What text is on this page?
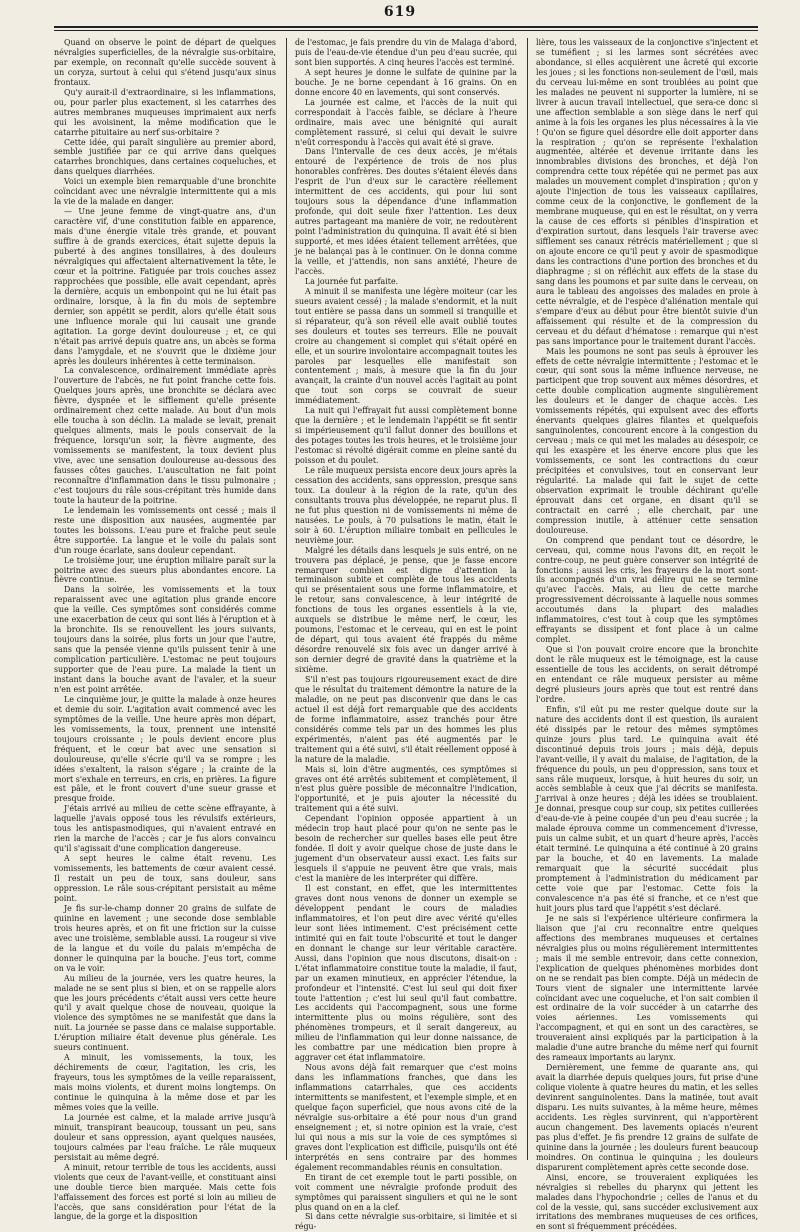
619

Quand on observe le point de départ de quelques névralgies superficielles, de la névralgie sus-orbitaire, par exemple, on reconnaît qu'elle succède souvent à un coryza, surtout à celui qui s'étend jusqu'aux sinus frontaux.

Qu'y aurait-il d'extraordinaire, si les inflammations, ou, pour parler plus exactement, si les catarrhes des autres membranes muqueuses imprimaient aux nerfs qui les avoisinent, la même modification que le catarrhe pituitaire au nerf sus-orbitaire ?

Cette idée, qui paraît singulière au premier abord, semble justifiée par ce qui arrive dans quelques catarrhes bronchiques, dans certaines coqueluches, et dans quelques diarrhées.

Voici un exemple bien remarquable d'une bronchite coïncidant avec une névralgie intermittente qui a mis la vie de la malade en danger.

— Une jeune femme de vingt-quatre ans, d'un caractère vif, d'une constitution faible en apparence, mais d'une énergie vitale très grande, et pouvant suffire à de grands exercices, était sujette depuis la puberté à des angines tonsillaires, à des douleurs névralgiques qui affectaient alternativement la tête, le cœur et la poitrine. Fatiguée par trois couches assez rapprochées que possible, elle avait cependant, après la dernière, acquis un embonpoint qui ne lui était pas ordinaire, lorsque, à la fin du mois de septembre dernier, son appétit se perdit, alors qu'elle était sous une influence morale qui lui causait une grande agitation. La gorge devint douloureuse ; et, ce qui n'était pas arrivé depuis quatre ans, un abcès se forma dans l'amygdale, et ne s'ouvrit que le dixième jour après les douleurs inhérentes à cette terminaison.

La convalescence, ordinairement immédiate après l'ouverture de l'abcès, ne fut point franche cette fois. Quelques jours après, une bronchite se déclara avec fièvre, dyspnée et le sifflement qu'elle présente ordinairement chez cette malade. Au bout d'un mois elle toucha à son déclin. La malade se levait, prenait quelques aliments, mais le pouls conservait de la fréquence, lorsqu'un soir, la fièvre augmente, des vomissements se manifestent, la toux devient plus vive, avec une sensation douloureuse au-dessous des fausses côtes gauches. L'auscultation ne fait point reconnaître d'inflammation dans le tissu pulmonaire ; c'est toujours du râle sous-crépitant très humide dans toute la hauteur de la poitrine.

Le lendemain les vomissements ont cessé ; mais il reste une disposition aux nausées, augmentée par toutes les boissons. L'eau pure et fraîche peut seule être supportée. La langue et le voile du palais sont d'un rouge écarlate, sans douleur cependant.

Le troisième jour, une éruption miliaire paraît sur la poitrine avec des sueurs plus abondantes encore. La fièvre continue.

Dans la soirée, les vomissements et la toux reparaissent avec une agitation plus grande encore que la veille. Ces symptômes sont considérés comme une exacerbation de ceux qui sont liés à l'éruption et à la bronchite. Ils se renouvellent les jours suivants, toujours dans la soirée, plus forts un jour que l'autre, sans que la pensée vienne qu'ils puissent tenir à une complication particulière. L'estomac ne peut toujours supporter que de l'eau pure. La malade la tient un instant dans la bouche avant de l'avaler, et la sueur n'en est point arrêtée.

Le cinquième jour, je quitte la malade à onze heures et demie du soir. L'agitation avait commencé avec les symptômes de la veille. Une heure après mon départ, les vomissements, la toux, prennent une intensité toujours croissante ; le pouls devient encore plus fréquent, et le cœur bat avec une sensation si douloureuse, qu'elle s'écrie qu'il va se rompre ; les idées s'exaltent, la raison s'égare ; la crainte de la mort s'exhale en terreurs, en cris, en prières. La figure est pâle, et le front couvert d'une sueur grasse et presque froide.

J'étais arrivé au milieu de cette scène effrayante, à laquelle j'avais opposé tous les révulsifs extérieurs, tous les antispasmodiques, qui n'avaient entravé en rien la marche de l'accès ; car je fus alors convaincu qu'il s'agissait d'une complication dangereuse.

A sept heures le calme était revenu. Les vomissements, les battements de cœur avaient cessé. Il restait un peu de toux, sans douleur, sans oppression. Le râle sous-crépitant persistait au même point.

Je fis sur-le-champ donner 20 grains de sulfate de quinine en lavement ; une seconde dose semblable trois heures après, et on fit une friction sur la cuisse avec une troisième, semblable aussi. La rougeur si vive de la langue et du voile du palais m'empêcha de donner le quinquina par la bouche. J'eus tort, comme on va le voir.

Au milieu de la journée, vers les quatre heures, la malade ne se sent plus si bien, et on se rappelle alors que les jours précédents c'était aussi vers cette heure qu'il y avait quelque chose de nouveau, quoique la violence des symptômes ne se manifestât que dans la nuit. La journée se passe dans ce malaise supportable. L'éruption miliaire était devenue plus générale. Les sueurs continuent.

A minuit, les vomissements, la toux, les déchirements de cœur, l'agitation, les cris, les frayeurs, tous les symptômes de la veille reparaissent, mais moins violents, et durent moins longtemps. On continue le quinquina à la même dose et par les mêmes voies que la veille.

La journée est calme, et la malade arrive jusqu'à minuit, transpirant beaucoup, toussant un peu, sans douleur et sans oppression, ayant quelques nausées, toujours calmées par l'eau fraîche. Le râle muqueux persistait au même degré.

A minuit, retour terrible de tous les accidents, aussi violents que ceux de l'avant-veille, et constituant ainsi une double tierce bien marquée. Mais cette fois l'affaissement des forces est porté si loin au milieu de l'accès, que sans considération pour l'état de la langue, de la gorge et la disposition

de l'estomac, je fais prendre du vin de Malaga d'abord, puis de l'eau-de-vie étendue d'un peu d'eau sucrée, qui sont bien supportés. A cinq heures l'accès est terminé.

A sept heures je donne le sulfate de quinine par la bouche. Je ne borne cependant à 16 grains. On en donne encore 40 en lavements, qui sont conservés.

La journée est calme, et l'accès de la nuit qui correspondait à l'accès faible, se déclare à l'heure ordinaire, mais avec une bénignité qui aurait complètement rassuré, si celui qui devait le suivre n'eût correspondu à l'accès qui avait été si grave.

Dans l'intervalle de ces deux accès, je m'étais entouré de l'expérience de trois de nos plus honorables confrères. Des doutes s'étaient élevés dans l'esprit de l'un d'eux sur le caractère réellement intermittent de ces accidents, qui pour lui sont toujours sous la dépendance d'une inflammation profonde, qui doit seule fixer l'attention. Les deux autres partageant ma manière de voir, ne redoutèrent point l'administration du quinquina. Il avait été si bien supporté, et mes idées étaient tellement arrêtées, que je ne balançai pas à le continuer. On le donna comme la veille, et j'attendis, non sans anxiété, l'heure de l'accès.

La journée fut parfaite.

A minuit il se manifesta une légère moiteur (car les sueurs avaient cessé) ; la malade s'endormit, et la nuit tout entière se passa dans un sommeil si tranquille et si réparateur, qu'à son réveil elle avait oublié toutes ses douleurs et toutes ses terreurs. Elle ne pouvait croire au changement si complet qui s'était opéré en elle, et un sourire involontaire accompagnait toutes les paroles par lesquelles elle manifestait son contentement ; mais, à mesure que la fin du jour avançait, la crainte d'un nouvel accès l'agitait au point que tout son corps se couvrait de sueur immédiatement.

La nuit qui l'effrayait fut aussi complètement bonne que la dernière ; et le lendemain l'appétit se fit sentir si impérieusement qu'il fallut donner des bouillons et des potages toutes les trois heures, et le troisième jour l'estomac si révolté digérait comme en pleine santé du poisson et du poulet.

Le râle muqueux persista encore deux jours après la cessation des accidents, sans oppression, presque sans toux. La douleur à la région de la rate, qu'un des consultants trouva plus développée, ne reparut plus. Il ne fut plus question ni de vomissements ni même de nausées. Le pouls, à 70 pulsations le matin, était le soir à 60. L'éruption miliaire tombait en pellicules le neuvième jour.

Malgré les détails dans lesquels je suis entré, on ne trouvera pas déplacé, je pense, que je fasse encore remarquer combien est digne d'attention la terminaison subite et complète de tous les accidents qui se présentaient sous une forme inflammatoire, et le retour, sans convalescence, à leur intégrité de fonctions de tous les organes essentiels à la vie, auxquels se distribue le même nerf, le cœur, les poumons, l'estomac et le cerveau, qui en est le point de départ, qui tous avaient été frappés du même désordre renouvelé six fois avec un danger arrivé à son dernier degré de gravité dans la quatrième et la sixième.

S'il n'est pas toujours rigoureusement exact de dire que le résultat du traitement démontre la nature de la maladie, on ne peut pas disconvenir que dans le cas actuel il est déjà fort remarquable que des accidents de forme inflammatoire, assez tranchés pour être considérés comme tels par un des hommes les plus expérimentés, n'aient pas été augmentés par le traitement qui a été suivi, s'il était réellement opposé à la nature de la maladie.

Mais si, loin d'être augmentés, ces symptômes si graves ont été arrêtés subitement et complètement, il n'est plus guère possible de méconnaître l'indication, l'opportunité, et je puis ajouter la nécessité du traitement qui a été suivi.

Cependant l'opinion opposée appartient à un médecin trop haut placé pour qu'on ne sente pas le besoin de rechercher sur quelles bases elle peut être fondée. Il doit y avoir quelque chose de juste dans le jugement d'un observateur aussi exact. Les faits sur lesquels il s'appuie ne peuvent être que vrais, mais c'est la manière de les interpréter qui diffère.

Il est constant, en effet, que les intermittentes graves dont nous venons de donner un exemple se développent pendant le cours de maladies inflammatoires, et l'on peut dire avec vérité qu'elles leur sont liées intimement. C'est précisément cette intimité qui en fait toute l'obscurité et tout le danger en donnant le change sur leur véritable caractère. Aussi, dans l'opinion que nous discutons, disait-on : L'état inflammatoire constitue toute la maladie, il faut, par un examen minutieux, en apprécier l'étendue, la profondeur et l'intensité. C'est lui seul qui doit fixer toute l'attention ; c'est lui seul qu'il faut combattre. Les accidents qui l'accompagnent, sous une forme intermittente plus ou moins régulière, sont des phénomènes trompeurs, et il serait dangereux, au milieu de l'inflammation qui leur donne naissance, de les combattre par une médication bien propre à aggraver cet état inflammatoire.

Nous avons déjà fait remarquer que c'est moins dans les inflammations franches, que dans les inflammations catarrhales, que ces accidents intermittents se manifestent, et l'exemple simple, et en quelque façon superficiel, que nous avons cité de la névralgie sus-orbitaire a été pour nous d'un grand enseignement ; et, si notre opinion est la vraie, c'est lui qui nous a mis sur la voie de ces symptômes si graves dont l'explication est difficile, puisqu'ils ont été interprétés en sens contraire par des hommes également recommandables réunis en consultation.

En tirant de cet exemple tout le parti possible, on voit comment une névralgie profonde produit des symptômes qui paraissent singuliers et qui ne le sont plus quand on en a la clef.

Si dans cette névralgie sus-orbitaire, si limitée et si régu-

lière, tous les vaisseaux de la conjonctive s'injectent et se tuméfient ; si les larmes sont sécrétées avec abondance, si elles acquièrent une âcreté qui excorie les joues ; si les fonctions non-seulement de l'œil, mais du cerveau lui-même en sont troublées au point que les malades ne peuvent ni supporter la lumière, ni se livrer à aucun travail intellectuel, que sera-ce donc si une affection semblable a son siège dans le nerf qui anime à la fois les organes les plus nécessaires à la vie ! Qu'on se figure quel désordre elle doit apporter dans la respiration ; qu'on se représente l'exhalation augmentée, altérée et devenue irritante dans les innombrables divisions des bronches, et déjà l'on comprendra cette toux répétée qui ne permet pas aux malades un mouvement complet d'inspiration ; qu'on y ajoute l'injection de tous les vaisseaux capillaires, comme ceux de la conjonctive, le gonflement de la membrane muqueuse, qui en est le résultat, on y verra la cause de ces efforts si pénibles d'inspiration et d'expiration surtout, dans lesquels l'air traverse avec sifflement ses canaux rétrécis matériellement ; que si on ajoute encore ce qu'il peut y avoir de spasmodique dans les contractions d'une portion des bronches et du diaphragme ; si on réfléchit aux effets de la stase du sang dans les poumons et par suite dans le cerveau, on aura le tableau des angoisses des malades en proie à cette névralgie, et de l'espèce d'aliénation mentale qui s'empare d'eux au début pour être bientôt suivie d'un affaissement qui résulte et de la compression du cerveau et du défaut d'hématose : remarque qui n'est pas sans importance pour le traitement durant l'accès.

Mais les poumons ne sont pas seuls à éprouver les effets de cette névralgie intermittente ; l'estomac et le cœur, qui sont sous la même influence nerveuse, ne participent que trop souvent aux mêmes désordres, et cette double complication augmente singulièrement les douleurs et le danger de chaque accès. Les vomissements répétés, qui expulsent avec des efforts énervants quelques glaires filantes et quelquefois sanguinolentes, concourent encore à la congestion du cerveau ; mais ce qui met les malades au désespoir, ce qui les exaspère et les énerve encore plus que les vomissements, ce sont les contractions du cœur précipitées et convulsives, tout en conservant leur régularité. La malade qui fait le sujet de cette observation exprimait le trouble déchirant qu'elle éprouvait dans cet organe, en disant qu'il se contractait en carré ; elle cherchait, par une compression inutile, à atténuer cette sensation douloureuse.

On comprend que pendant tout ce désordre, le cerveau, qui, comme nous l'avons dit, en reçoit le contre-coup, ne peut guère conserver son intégrité de fonctions ; aussi les cris, les frayeurs de la mort sont-ils accompagnés d'un vrai délire qui ne se termine qu'avec l'accès. Mais, au lieu de cette marche progressivement décroissante à laquelle nous sommes accoutumés dans la plupart des maladies inflammatoires, c'est tout à coup que les symptômes effrayants se dissipent et font place à un calme complet.

Que si l'on pouvait croire encore que la bronchite dont le râle muqueux est le témoignage, est la cause essentielle de tous les accidents, on serait détrompé en entendant ce râle muqueux persister au même degré plusieurs jours après que tout est rentré dans l'ordre.

Enfin, s'il eût pu me rester quelque doute sur la nature des accidents dont il est question, ils auraient été dissipés par le retour des mêmes symptômes quinze jours plus tard. Le quinquina avait été discontinué depuis trois jours ; mais déjà, depuis l'avant-veille, il y avait du malaise, de l'agitation, de la fréquence du pouls, un peu d'oppression, sans toux et sans râle muqueux, lorsque, à huit heures du soir, un accès semblable à ceux que j'ai décrits se manifesta. J'arrivai à onze heures ; déjà les idées se troublaient. Je donnai, presque coup sur coup, six petites cuillerées d'eau-de-vie à peine coupée d'un peu d'eau sucrée ; la malade éprouva comme un commencement d'ivresse, puis un calme subit, et un quart d'heure après, l'accès était terminé. Le quinquina a été continué à 20 grains par la bouche, et 40 en lavements. La malade remarquait que la sécurité succédait plus promptement à l'administration du médicament par cette voie que par l'estomac. Cette fois la convalescence n'a pas été si franche, et ce n'est que huit jours plus tard que l'appétit s'est déclaré.

Je ne sais si l'expérience ultérieure confirmera la liaison que j'ai cru reconnaître entre quelques affections des membranes muqueuses et certaines névralgies plus ou moins régulièrement intermittentes ; mais il me semble entrevoir, dans cette connexion, l'explication de quelques phénomènes morbides dont on ne se rendait pas bien compte. Déjà un médecin de Tours vient de signaler une intermittente larvée coïncidant avec une coqueluche, et l'on sait combien il est ordinaire de la voir succéder à un catarrhe des voies aériennes. Les vomissements qui l'accompagnent, et qui en sont un des caractères, se trouveraient ainsi expliqués par la participation à la maladie d'une autre branche du même nerf qui fournit des rameaux importants au larynx.

Dernièrement, une femme de quarante ans, qui avait la diarrhée depuis quelques jours, fut prise d'une colique violente à quatre heures du matin, et les selles devinrent sanguinolentes. Dans la matinée, tout avait disparu. Les nuits suivantes, à la même heure, mêmes accidents. Les règles survinrent, qui n'apportèrent aucun changement. Des lavements opiacés n'eurent pas plus d'effet. Je fis prendre 12 grains de sulfate de quinine dans la journée ; les douleurs furent beaucoup moindres. On continua le quinquina ; les douleurs disparurent complètement après cette seconde dose.

Ainsi, encore, se trouveraient expliquées les névralgies si rebelles du pharynx qui jettent les malades dans l'hypochondrie ; celles de l'anus et du col de la vessie, qui, sans succéder exclusivement aux irritations des membranes muqueuses de ces orifices, en sont si fréquemment précédées.
